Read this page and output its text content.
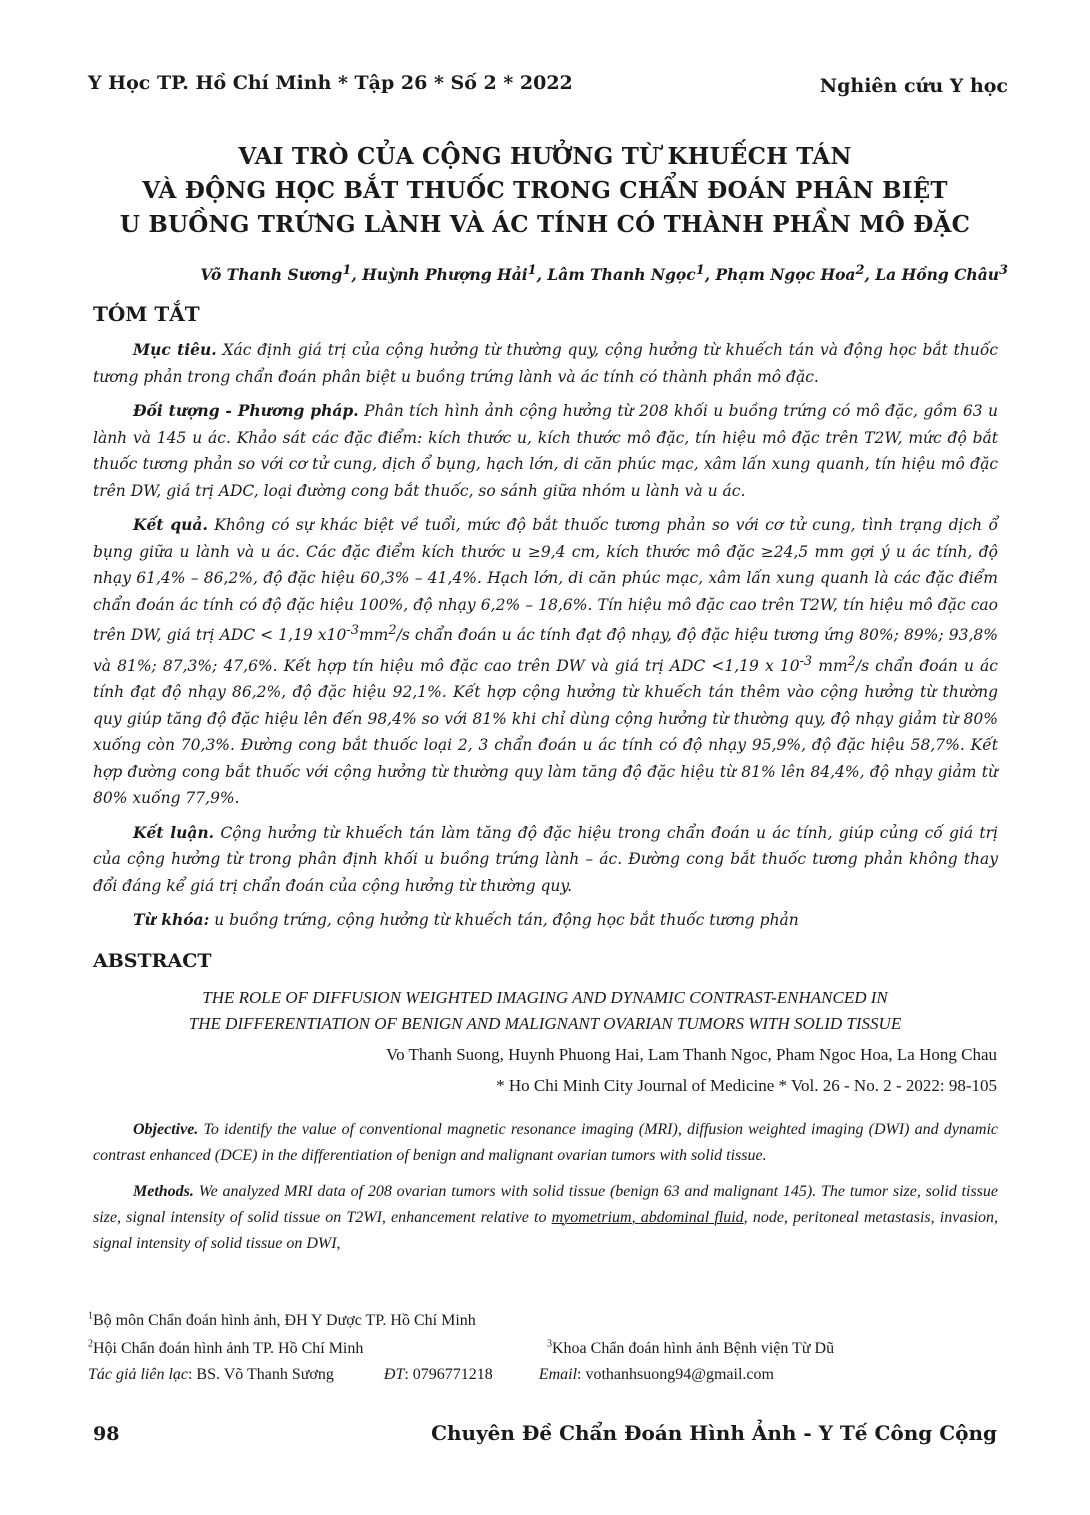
Y Học TP. Hồ Chí Minh * Tập 26 * Số 2 * 2022	Nghiên cứu Y học
VAI TRÒ CỦA CỘNG HƯỞNG TỪ KHUẾCH TÁN
VÀ ĐỘNG HỌC BẮT THUỐC TRONG CHẨN ĐOÁN PHÂN BIỆT
U BUỒNG TRỨNG LÀNH VÀ ÁC TÍNH CÓ THÀNH PHẦN MÔ ĐẶC
Võ Thanh Sương$^1$, Huỳnh Phượng Hải$^1$, Lâm Thanh Ngọc$^1$, Phạm Ngọc Hoa$^2$, La Hồng Châu$^3$
TÓM TẮT

Mục tiêu. Xác định giá trị của cộng hưởng từ thường quy, cộng hưởng từ khuếch tán và động học bắt thuốc tương phản trong chẩn đoán phân biệt u buồng trứng lành và ác tính có thành phần mô đặc.

Đối tượng - Phương pháp. Phân tích hình ảnh cộng hưởng từ 208 khối u buồng trứng có mô đặc, gồm 63 u lành và 145 u ác. Khảo sát các đặc điểm: kích thước u, kích thước mô đặc, tín hiệu mô đặc trên T2W, mức độ bắt thuốc tương phản so với cơ tử cung, dịch ổ bụng, hạch lớn, di căn phúc mạc, xâm lấn xung quanh, tín hiệu mô đặc trên DW, giá trị ADC, loại đường cong bắt thuốc, so sánh giữa nhóm u lành và u ác.

Kết quả. Không có sự khác biệt về tuổi, mức độ bắt thuốc tương phản so với cơ tử cung, tình trạng dịch ổ bụng giữa u lành và u ác. Các đặc điểm kích thước u ≥9,4 cm, kích thước mô đặc ≥24,5 mm gợi ý u ác tính, độ nhạy 61,4% – 86,2%, độ đặc hiệu 60,3% – 41,4%. Hạch lớn, di căn phúc mạc, xâm lấn xung quanh là các đặc điểm chẩn đoán ác tính có độ đặc hiệu 100%, độ nhạy 6,2% – 18,6%. Tín hiệu mô đặc cao trên T2W, tín hiệu mô đặc cao trên DW, giá trị ADC < 1,19 $x10^{-3}mm^2/s$ chẩn đoán u ác tính đạt độ nhạy, độ đặc hiệu tương ứng 80%; 89%; 93,8% và 81%; 87,3%; 47,6%. Kết hợp tín hiệu mô đặc cao trên DW và giá trị ADC <1,19 x $10^{-3}$ $mm^2/s$ chẩn đoán u ác tính đạt độ nhạy 86,2%, độ đặc hiệu 92,1%. Kết hợp cộng hưởng từ khuếch tán thêm vào cộng hưởng từ thường quy giúp tăng độ đặc hiệu lên đến 98,4% so với 81% khi chỉ dùng cộng hưởng từ thường quy, độ nhạy giảm từ 80% xuống còn 70,3%. Đường cong bắt thuốc loại 2, 3 chẩn đoán u ác tính có độ nhạy 95,9%, độ đặc hiệu 58,7%. Kết hợp đường cong bắt thuốc với cộng hưởng từ thường quy làm tăng độ đặc hiệu từ 81% lên 84,4%, độ nhạy giảm từ 80% xuống 77,9%.

Kết luận. Cộng hưởng từ khuếch tán làm tăng độ đặc hiệu trong chẩn đoán u ác tính, giúp củng cố giá trị của cộng hưởng từ trong phân định khối u buồng trứng lành – ác. Đường cong bắt thuốc tương phản không thay đổi đáng kể giá trị chẩn đoán của cộng hưởng từ thường quy.

Từ khóa: u buồng trứng, cộng hưởng từ khuếch tán, động học bắt thuốc tương phản

ABSTRACT
THE ROLE OF DIFFUSION WEIGHTED IMAGING AND DYNAMIC CONTRAST-ENHANCED IN
THE DIFFERENTIATION OF BENIGN AND MALIGNANT OVARIAN TUMORS WITH SOLID TISSUE
Vo Thanh Suong, Huynh Phuong Hai, Lam Thanh Ngoc, Pham Ngoc Hoa, La Hong Chau
* Ho Chi Minh City Journal of Medicine * Vol. 26 - No. 2 - 2022: 98-105

Objective. To identify the value of conventional magnetic resonance imaging (MRI), diffusion weighted imaging (DWI) and dynamic contrast enhanced (DCE) in the differentiation of benign and malignant ovarian tumors with solid tissue.

Methods. We analyzed MRI data of 208 ovarian tumors with solid tissue (benign 63 and malignant 145). The tumor size, solid tissue size, signal intensity of solid tissue on T2WI, enhancement relative to myometrium, abdominal fluid, node, peritoneal metastasis, invasion, signal intensity of solid tissue on DWI,

$^1$Bộ môn Chẩn đoán hình ảnh, ĐH Y Dược TP. Hồ Chí Minh
$^2$Hội Chẩn đoán hình ảnh TP. Hồ Chí Minh	$^3$Khoa Chẩn đoán hình ảnh Bệnh viện Từ Dũ
Tác giả liên lạc: BS. Võ Thanh Sương	ĐT: 0796771218	Email: vothanhsuong94@gmail.com
98	Chuyên Đề Chẩn Đoán Hình Ảnh - Y Tế Công Cộng
